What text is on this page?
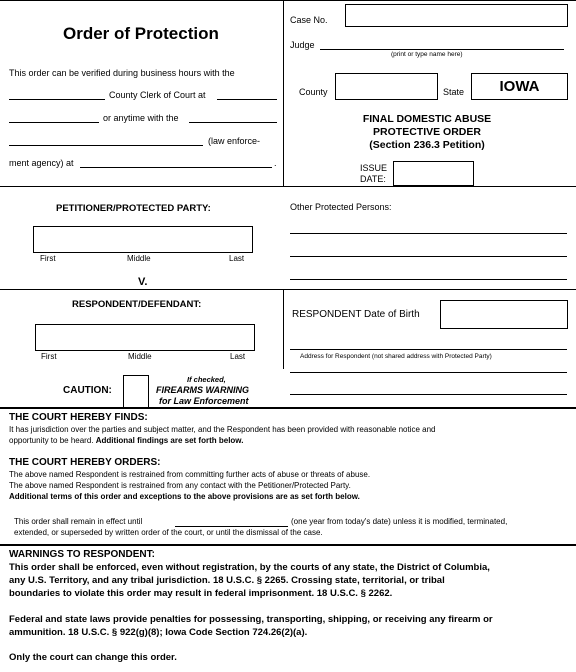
Order of Protection
This order can be verified during business hours with the
County Clerk of Court at
or anytime with the
(law enforce-
ment agency) at	.
Case No.
Judge
(print or type name here)
County	State	IOWA
FINAL DOMESTIC ABUSE
PROTECTIVE ORDER
(Section 236.3 Petition)
ISSUE
DATE:
PETITIONER/PROTECTED PARTY:
First	Middle	Last
V.
Other Protected Persons:
RESPONDENT/DEFENDANT:
First	Middle	Last
RESPONDENT Date of Birth
Address for Respondent (not shared address with Protected Party)
CAUTION:
If checked,
FIREARMS WARNING
for Law Enforcement
THE COURT HEREBY FINDS:
It has jurisdiction over the parties and subject matter, and the Respondent has been provided with reasonable notice and
opportunity to be heard. Additional findings are set forth below.
THE COURT HEREBY ORDERS:
The above named Respondent is restrained from committing further acts of abuse or threats of abuse.
The above named Respondent is restrained from any contact with the Petitioner/Protected Party.
Additional terms of this order and exceptions to the above provisions are as set forth below.
This order shall remain in effect until	(one year from today's date) unless it is modified, terminated,
extended, or superseded by written order of the court, or until the dismissal of the case.
WARNINGS TO RESPONDENT:
This order shall be enforced, even without registration, by the courts of any state, the District of Columbia,
any U.S. Territory, and any tribal jurisdiction. 18 U.S.C. § 2265. Crossing state, territorial, or tribal
boundaries to violate this order may result in federal imprisonment. 18 U.S.C. § 2262.
Federal and state laws provide penalties for possessing, transporting, shipping, or receiving any firearm or
ammunition. 18 U.S.C. § 922(g)(8); Iowa Code Section 724.26(2)(a).
Only the court can change this order.
